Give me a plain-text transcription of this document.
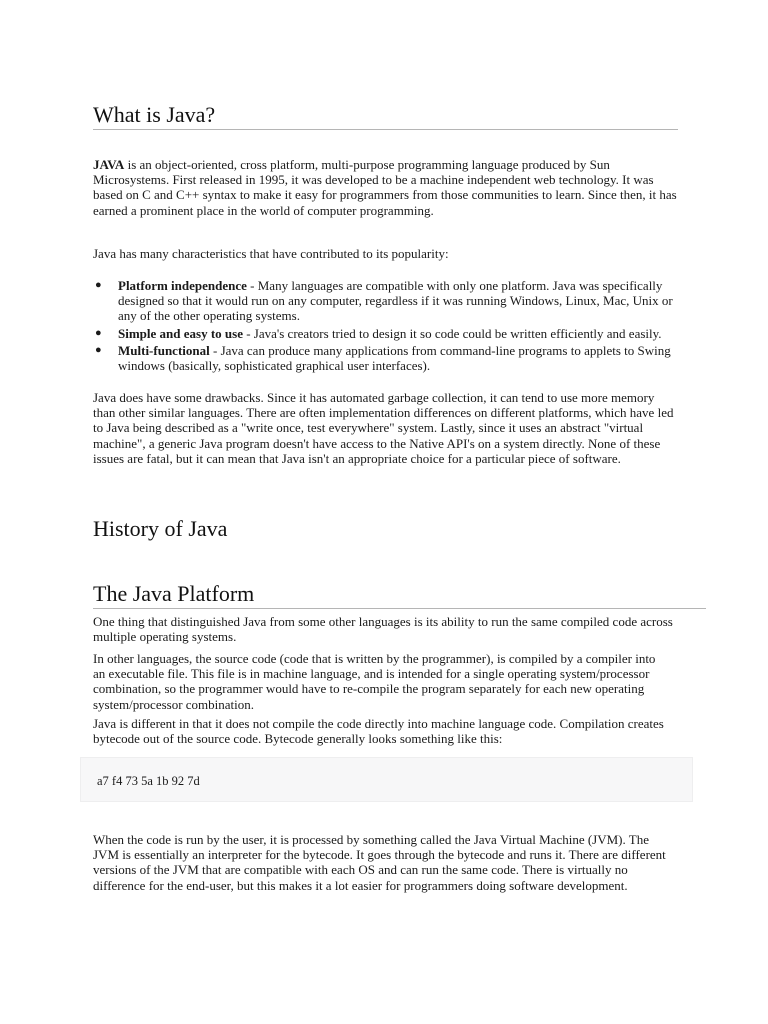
What is Java?

JAVA is an object-oriented, cross platform, multi-purpose programming language produced by Sun Microsystems. First released in 1995, it was developed to be a machine independent web technology. It was based on C and C++ syntax to make it easy for programmers from those communities to learn. Since then, it has earned a prominent place in the world of computer programming.

Java has many characteristics that have contributed to its popularity:

● Platform independence - Many languages are compatible with only one platform. Java was specifically designed so that it would run on any computer, regardless if it was running Windows, Linux, Mac, Unix or any of the other operating systems.
● Simple and easy to use - Java's creators tried to design it so code could be written efficiently and easily.
● Multi-functional - Java can produce many applications from command-line programs to applets to Swing windows (basically, sophisticated graphical user interfaces).

Java does have some drawbacks. Since it has automated garbage collection, it can tend to use more memory than other similar languages. There are often implementation differences on different platforms, which have led to Java being described as a "write once, test everywhere" system. Lastly, since it uses an abstract "virtual machine", a generic Java program doesn't have access to the Native API's on a system directly. None of these issues are fatal, but it can mean that Java isn't an appropriate choice for a particular piece of software.

History of Java
The Java Platform

One thing that distinguished Java from some other languages is its ability to run the same compiled code across multiple operating systems.

In other languages, the source code (code that is written by the programmer), is compiled by a compiler into an executable file. This file is in machine language, and is intended for a single operating system/processor combination, so the programmer would have to re-compile the program separately for each new operating system/processor combination.

Java is different in that it does not compile the code directly into machine language code. Compilation creates bytecode out of the source code. Bytecode generally looks something like this:

When the code is run by the user, it is processed by something called the Java Virtual Machine (JVM). The JVM is essentially an interpreter for the bytecode. It goes through the bytecode and runs it. There are different versions of the JVM that are compatible with each OS and can run the same code. There is virtually no difference for the end-user, but this makes it a lot easier for programmers doing software development.

a7 f4 73 5a 1b 92 7d
